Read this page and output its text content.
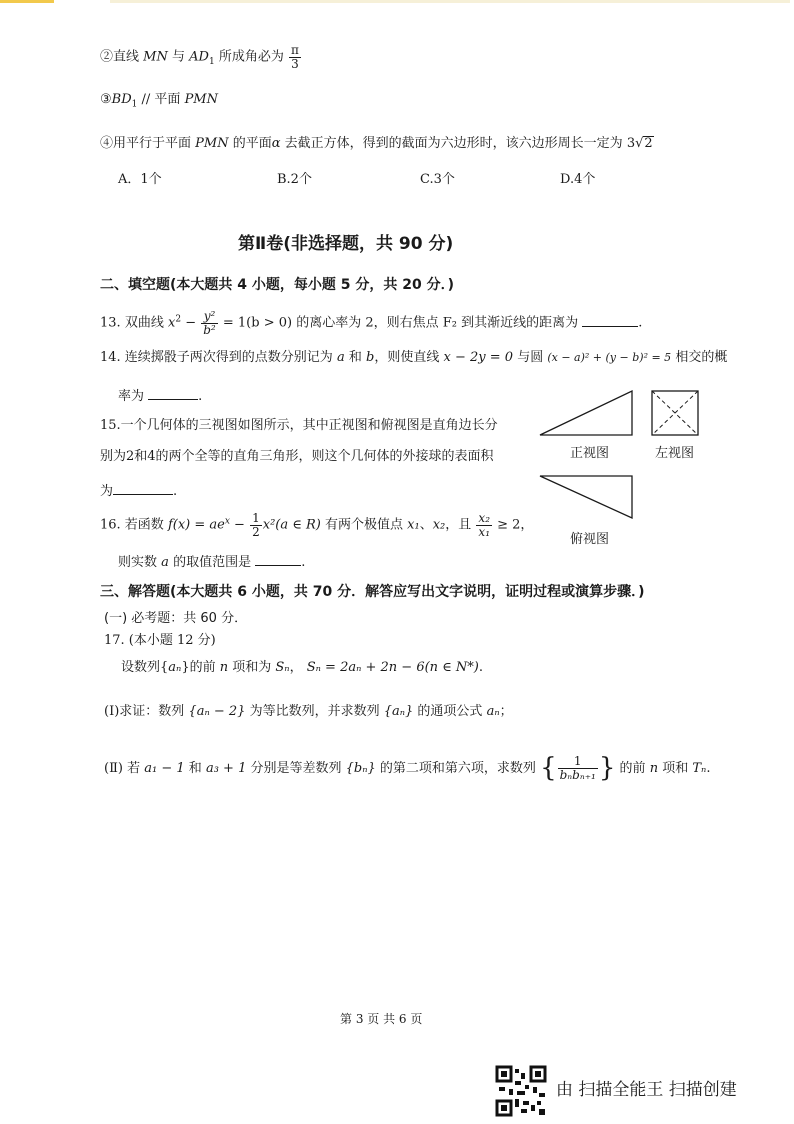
②直线 MN 与 $AD_1$ 所成角必为 $\frac{\pi}{3}$
$③BD_1$ // 平面 PMN
④用平行于平面 PMN 的平面α 去截正方体，得到的截面为六边形时，该六边形周长一定为 3√2
A．1个	B.2个	C.3个	D.4个
第Ⅱ卷(非选择题，共 90 分)
二、填空题(本大题共 4 小题，每小题 5 分，共 20 分．)
13. 双曲线 $x^2 - \frac{\text{y²}}{\text{b²}} = 1(b > 0)$ 的离心率为 2，则右焦点 F₂ 到其渐近线的距离为	.
14. 连续掷骰子两次得到的点数分别记为 a 和 b，则使直线 x − 2y = 0 与圆 (x − a)² + (y − b)² = 5 相交的概
率为	.
15.一个几何体的三视图如图所示，其中正视图和俯视图是直角边长分
别为2和4的两个全等的直角三角形，则这个几何体的外接球的表面积
为	.
正视图	左视图
俯视图
16. 若函数 $f(x) = ae^x - \frac{1}{2} x^2(a$ ∈ R) 有两个极值点 x₁、x₂，且 $\frac{\text{x₂}}{\text{x₁}} \ge 2$，
则实数 a 的取值范围是	.
三、解答题(本大题共 6 小题，共 70 分．解答应写出文字说明，证明过程或演算步骤．)
(一) 必考题：共 60 分．
17. (本小题 12 分)
设数列{aₙ}的前 n 项和为 Sₙ， Sₙ = 2aₙ + 2n − 6(n ∈ N*).
(Ⅰ)求证：数列 {aₙ − 2} 为等比数列，并求数列 {aₙ} 的通项公式 aₙ；
(Ⅱ) 若 a₁ − 1 和 a₃ + 1 分别是等差数列 {bₙ} 的第二项和第六项，求数列 { $\frac{1}{\text{bₙbₙ₊₁}}$ } 的前 n 项和 Tₙ.
第 3 页 共 6 页
由 扫描全能王 扫描创建
